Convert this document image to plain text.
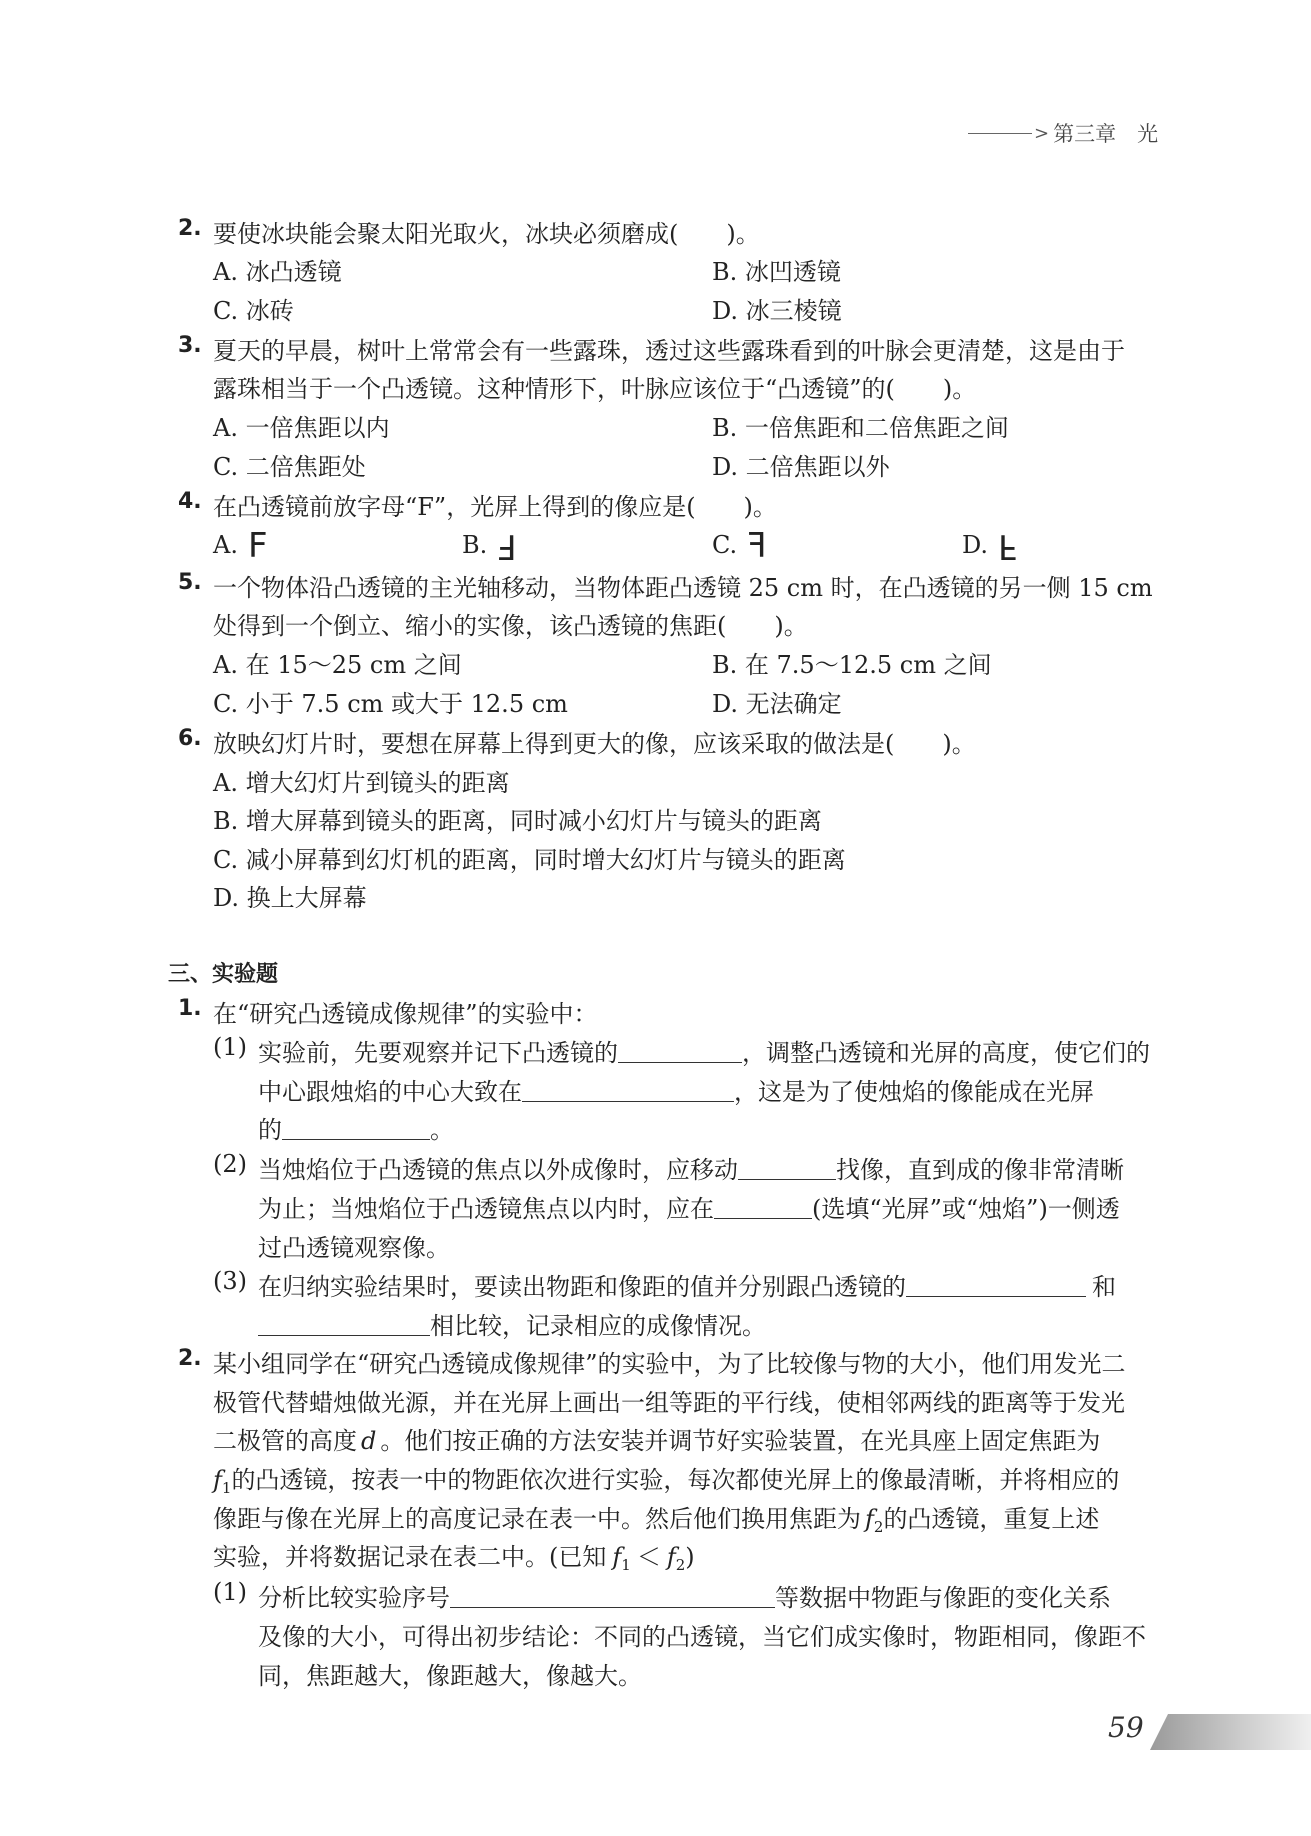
> 第三章　光
2. 要使冰块能会聚太阳光取火，冰块必须磨成(　　)。
A. 冰凸透镜	B. 冰凹透镜
C. 冰砖	D. 冰三棱镜
3. 夏天的早晨，树叶上常常会有一些露珠，透过这些露珠看到的叶脉会更清楚，这是由于
露珠相当于一个凸透镜。这种情形下，叶脉应该位于“凸透镜”的(　　)。
A. 一倍焦距以内	B. 一倍焦距和二倍焦距之间
C. 二倍焦距处	D. 二倍焦距以外
4. 在凸透镜前放字母“F”，光屏上得到的像应是(　　)。
A. F	B. F	C. F	D. F
5. 一个物体沿凸透镜的主光轴移动，当物体距凸透镜 25 cm 时，在凸透镜的另一侧 15 cm
处得到一个倒立、缩小的实像，该凸透镜的焦距(　　)。
A. 在 15～25 cm 之间	B. 在 7.5～12.5 cm 之间
C. 小于 7.5 cm 或大于 12.5 cm	D. 无法确定
6. 放映幻灯片时，要想在屏幕上得到更大的像，应该采取的做法是(　　)。
A. 增大幻灯片到镜头的距离
B. 增大屏幕到镜头的距离，同时减小幻灯片与镜头的距离
C. 减小屏幕到幻灯机的距离，同时增大幻灯片与镜头的距离
D. 换上大屏幕
三、实验题
1. 在“研究凸透镜成像规律”的实验中：
(1) 实验前，先要观察并记下凸透镜的	，调整凸透镜和光屏的高度，使它们的
中心跟烛焰的中心大致在	，这是为了使烛焰的像能成在光屏
的	。
(2) 当烛焰位于凸透镜的焦点以外成像时，应移动	找像，直到成的像非常清晰
为止；当烛焰位于凸透镜焦点以内时，应在	(选填“光屏”或“烛焰”)一侧透
过凸透镜观察像。
(3) 在归纳实验结果时，要读出物距和像距的值并分别跟凸透镜的	和
相比较，记录相应的成像情况。
2. 某小组同学在“研究凸透镜成像规律”的实验中，为了比较像与物的大小，他们用发光二
极管代替蜡烛做光源，并在光屏上画出一组等距的平行线，使相邻两线的距离等于发光
二极管的高度 d 。他们按正确的方法安装并调节好实验装置，在光具座上固定焦距为
$f_1$的凸透镜，按表一中的物距依次进行实验，每次都使光屏上的像最清晰，并将相应的
像距与像在光屏上的高度记录在表一中。然后他们换用焦距为 $f_2$的凸透镜，重复上述
实验，并将数据记录在表二中。(已知 $f_1 < f_2$)
(1) 分析比较实验序号	等数据中物距与像距的变化关系
及像的大小，可得出初步结论：不同的凸透镜，当它们成实像时，物距相同，像距不
同，焦距越大，像距越大，像越大。
59
